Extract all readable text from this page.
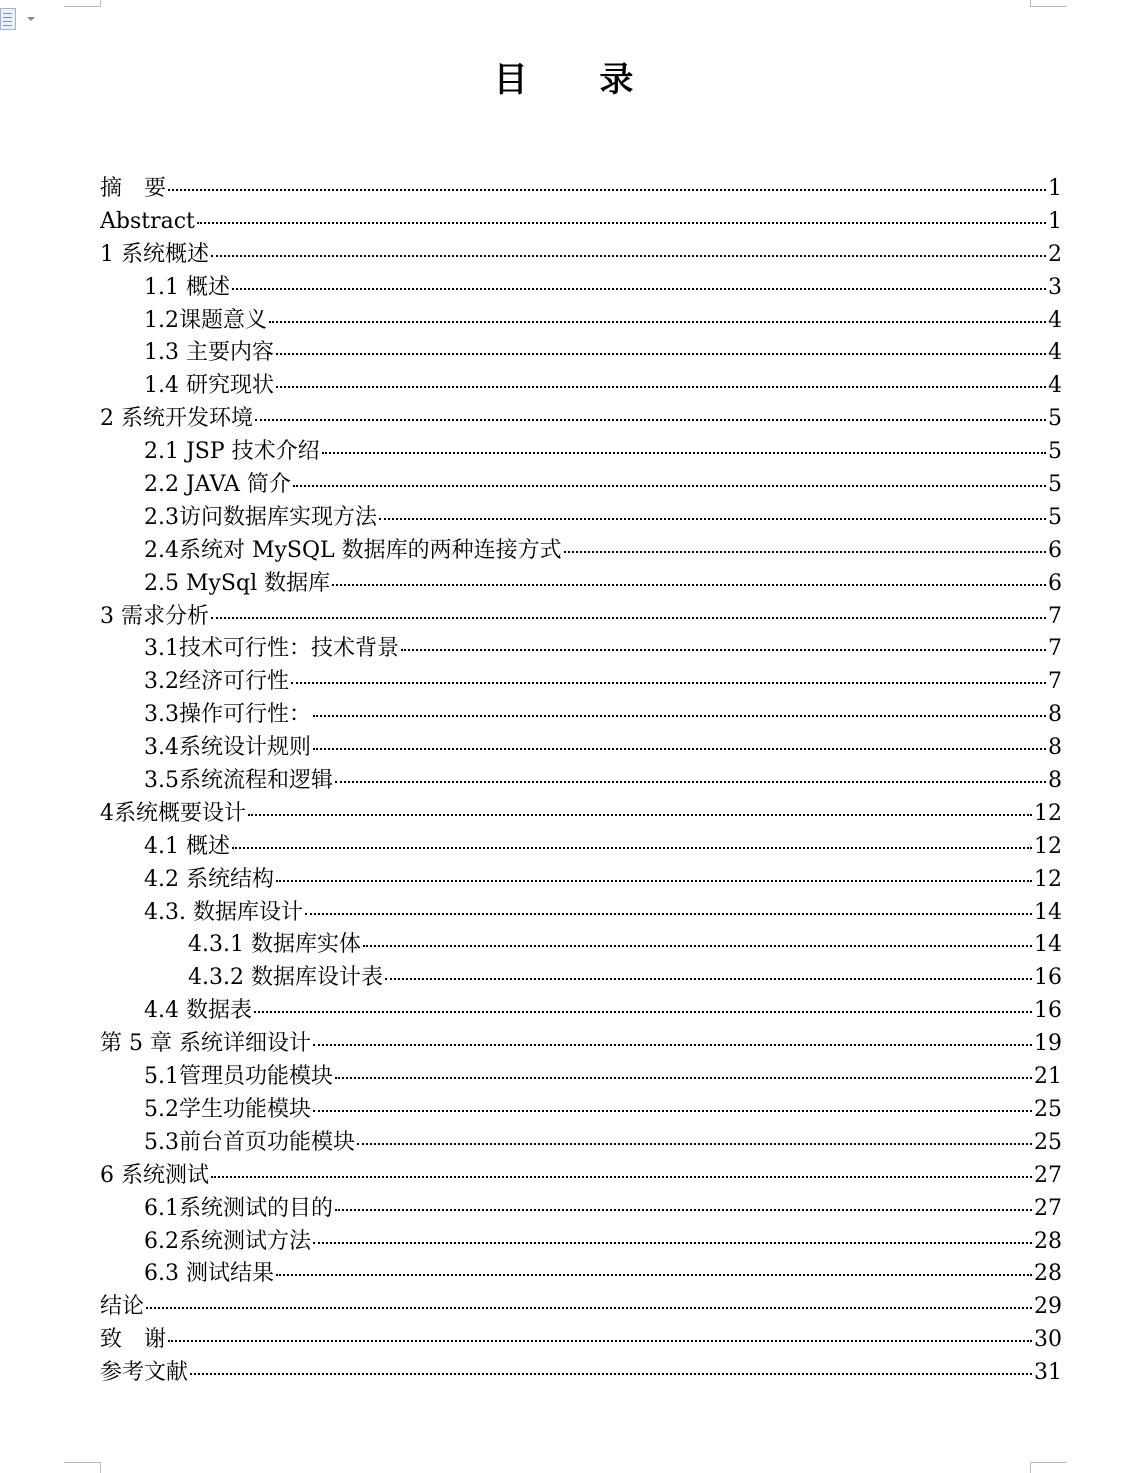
目 录
摘　要	1
Abstract	1
1 系统概述	2
1.1 概述	3
1.2课题意义	4
1.3 主要内容	4
1.4 研究现状	4
2 系统开发环境	5
2.1 JSP 技术介绍	5
2.2 JAVA 简介	5
2.3访问数据库实现方法	5
2.4系统对 MySQL 数据库的两种连接方式	6
2.5 MySql 数据库	6
3 需求分析	7
3.1技术可行性：技术背景	7
3.2经济可行性	7
3.3操作可行性：	8
3.4系统设计规则	8
3.5系统流程和逻辑	8
4系统概要设计	12
4.1 概述	12
4.2 系统结构	12
4.3. 数据库设计	14
4.3.1 数据库实体	14
4.3.2 数据库设计表	16
4.4 数据表	16
第 5 章 系统详细设计	19
5.1管理员功能模块	21
5.2学生功能模块	25
5.3前台首页功能模块	25
6 系统测试	27
6.1系统测试的目的	27
6.2系统测试方法	28
6.3 测试结果	28
结论	29
致　谢	30
参考文献	31
